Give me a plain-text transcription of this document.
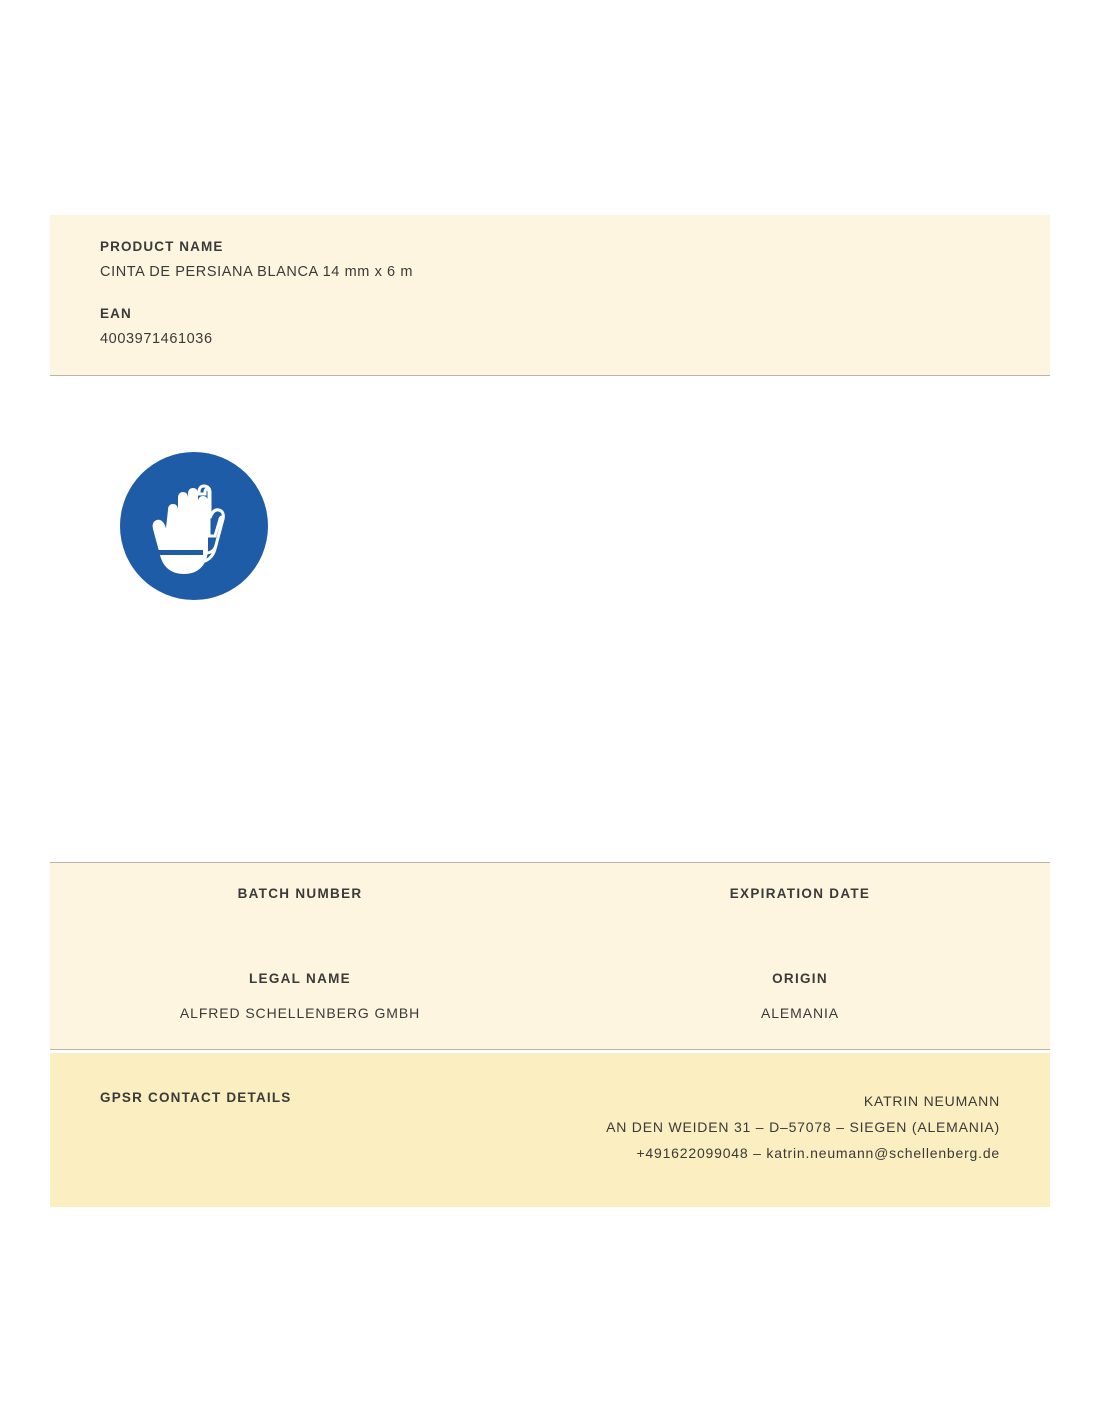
PRODUCT NAME

CINTA DE PERSIANA BLANCA 14 mm x 6 m

EAN

4003971461036

BATCH NUMBER	EXPIRATION DATE

LEGAL NAME

ALFRED SCHELLENBERG GMBH

ORIGIN

ALEMANIA

GPSR CONTACT DETAILS	KATRIN NEUMANN
AN DEN WEIDEN 31 – D–57078 – SIEGEN (ALEMANIA)
+491622099048 – katrin.neumann@schellenberg.de
